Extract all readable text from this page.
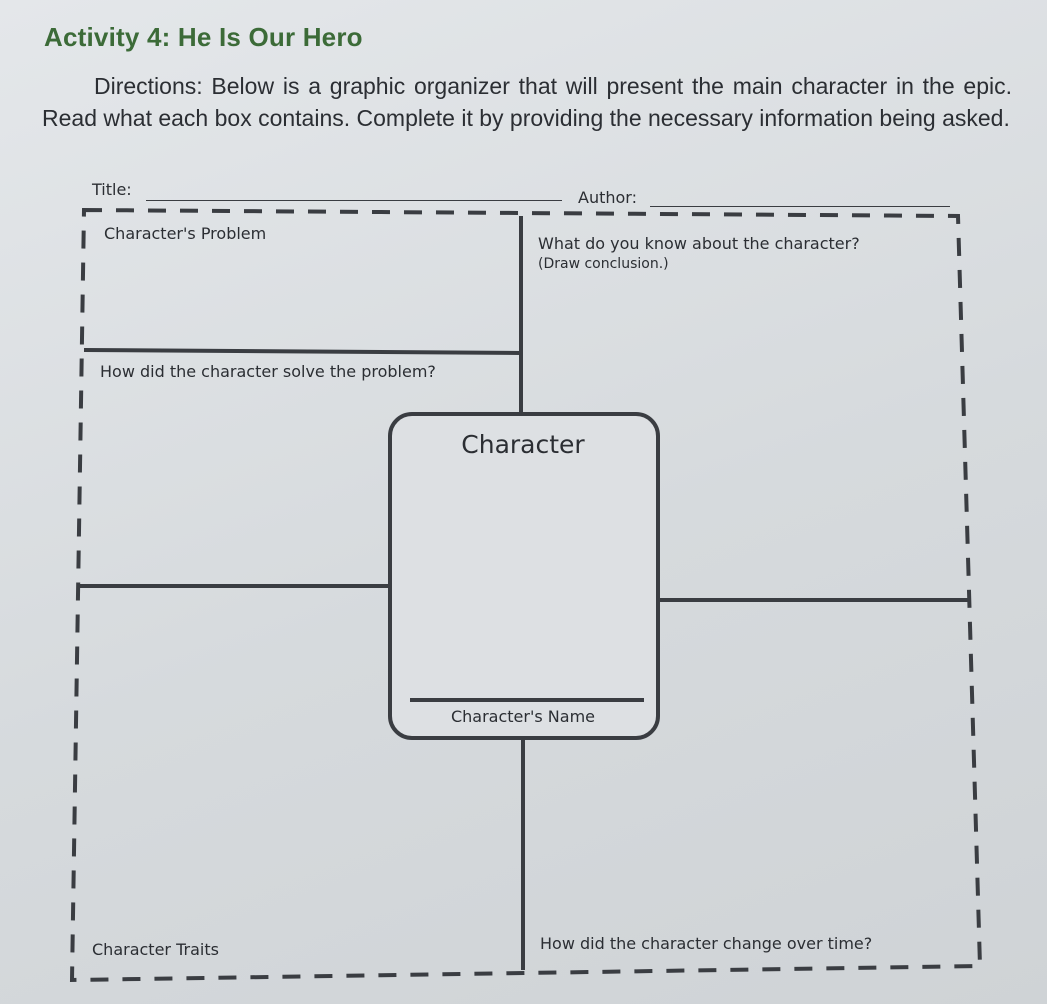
Activity 4: He Is Our Hero
Directions: Below is a graphic organizer that will present the main character in the epic. Read what each box contains. Complete it by providing the necessary information being asked.
Title:	Author:
Character's Problem
What do you know about the character?
(Draw conclusion.)
How did the character solve the problem?
Character
Character's Name
Character Traits	How did the character change over time?
